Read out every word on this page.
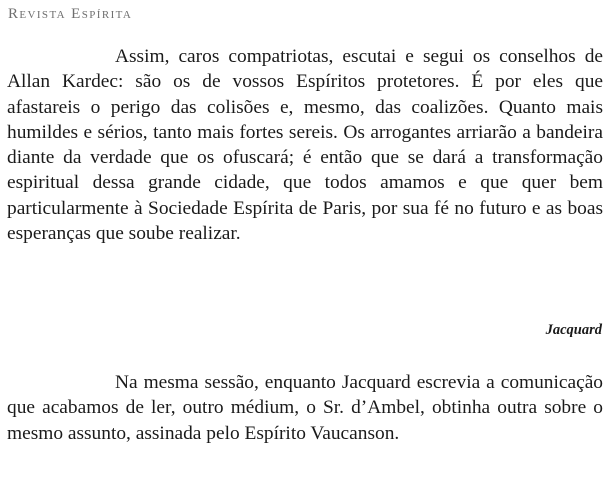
Revista Espírita

Assim, caros compatriotas, escutai e segui os conselhos de Allan Kardec: são os de vossos Espíritos protetores. É por eles que afastareis o perigo das colisões e, mesmo, das coalizões. Quanto mais humildes e sérios, tanto mais fortes sereis. Os arrogantes arriarão a bandeira diante da verdade que os ofuscará; é então que se dará a transformação espiritual dessa grande cidade, que todos amamos e que quer bem particularmente à Sociedade Espírita de Paris, por sua fé no futuro e as boas esperanças que soube realizar.

Jacquard

Na mesma sessão, enquanto Jacquard escrevia a comunicação que acabamos de ler, outro médium, o Sr. d’Ambel, obtinha outra sobre o mesmo assunto, assinada pelo Espírito Vaucanson.
